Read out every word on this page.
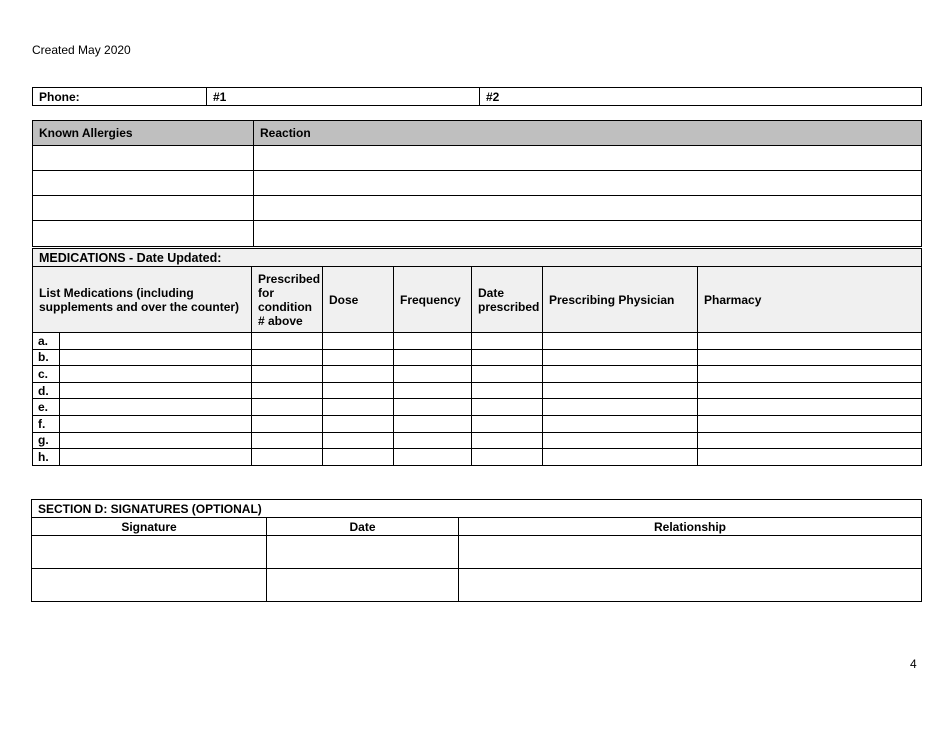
Created May 2020
Phone:	#1	#2
Known Allergies	Reaction

MEDICATIONS - Date Updated:							
List Medications (including supplements and over the counter)		Prescribed for condition # above	Dose	Frequency	Date prescribed	Prescribing Physician	Pharmacy
a.							
b.							
c.							
d.							
e.							
f.							
g.							
h.							
SECTION D: SIGNATURES (OPTIONAL)		
Signature	Date	Relationship

4
